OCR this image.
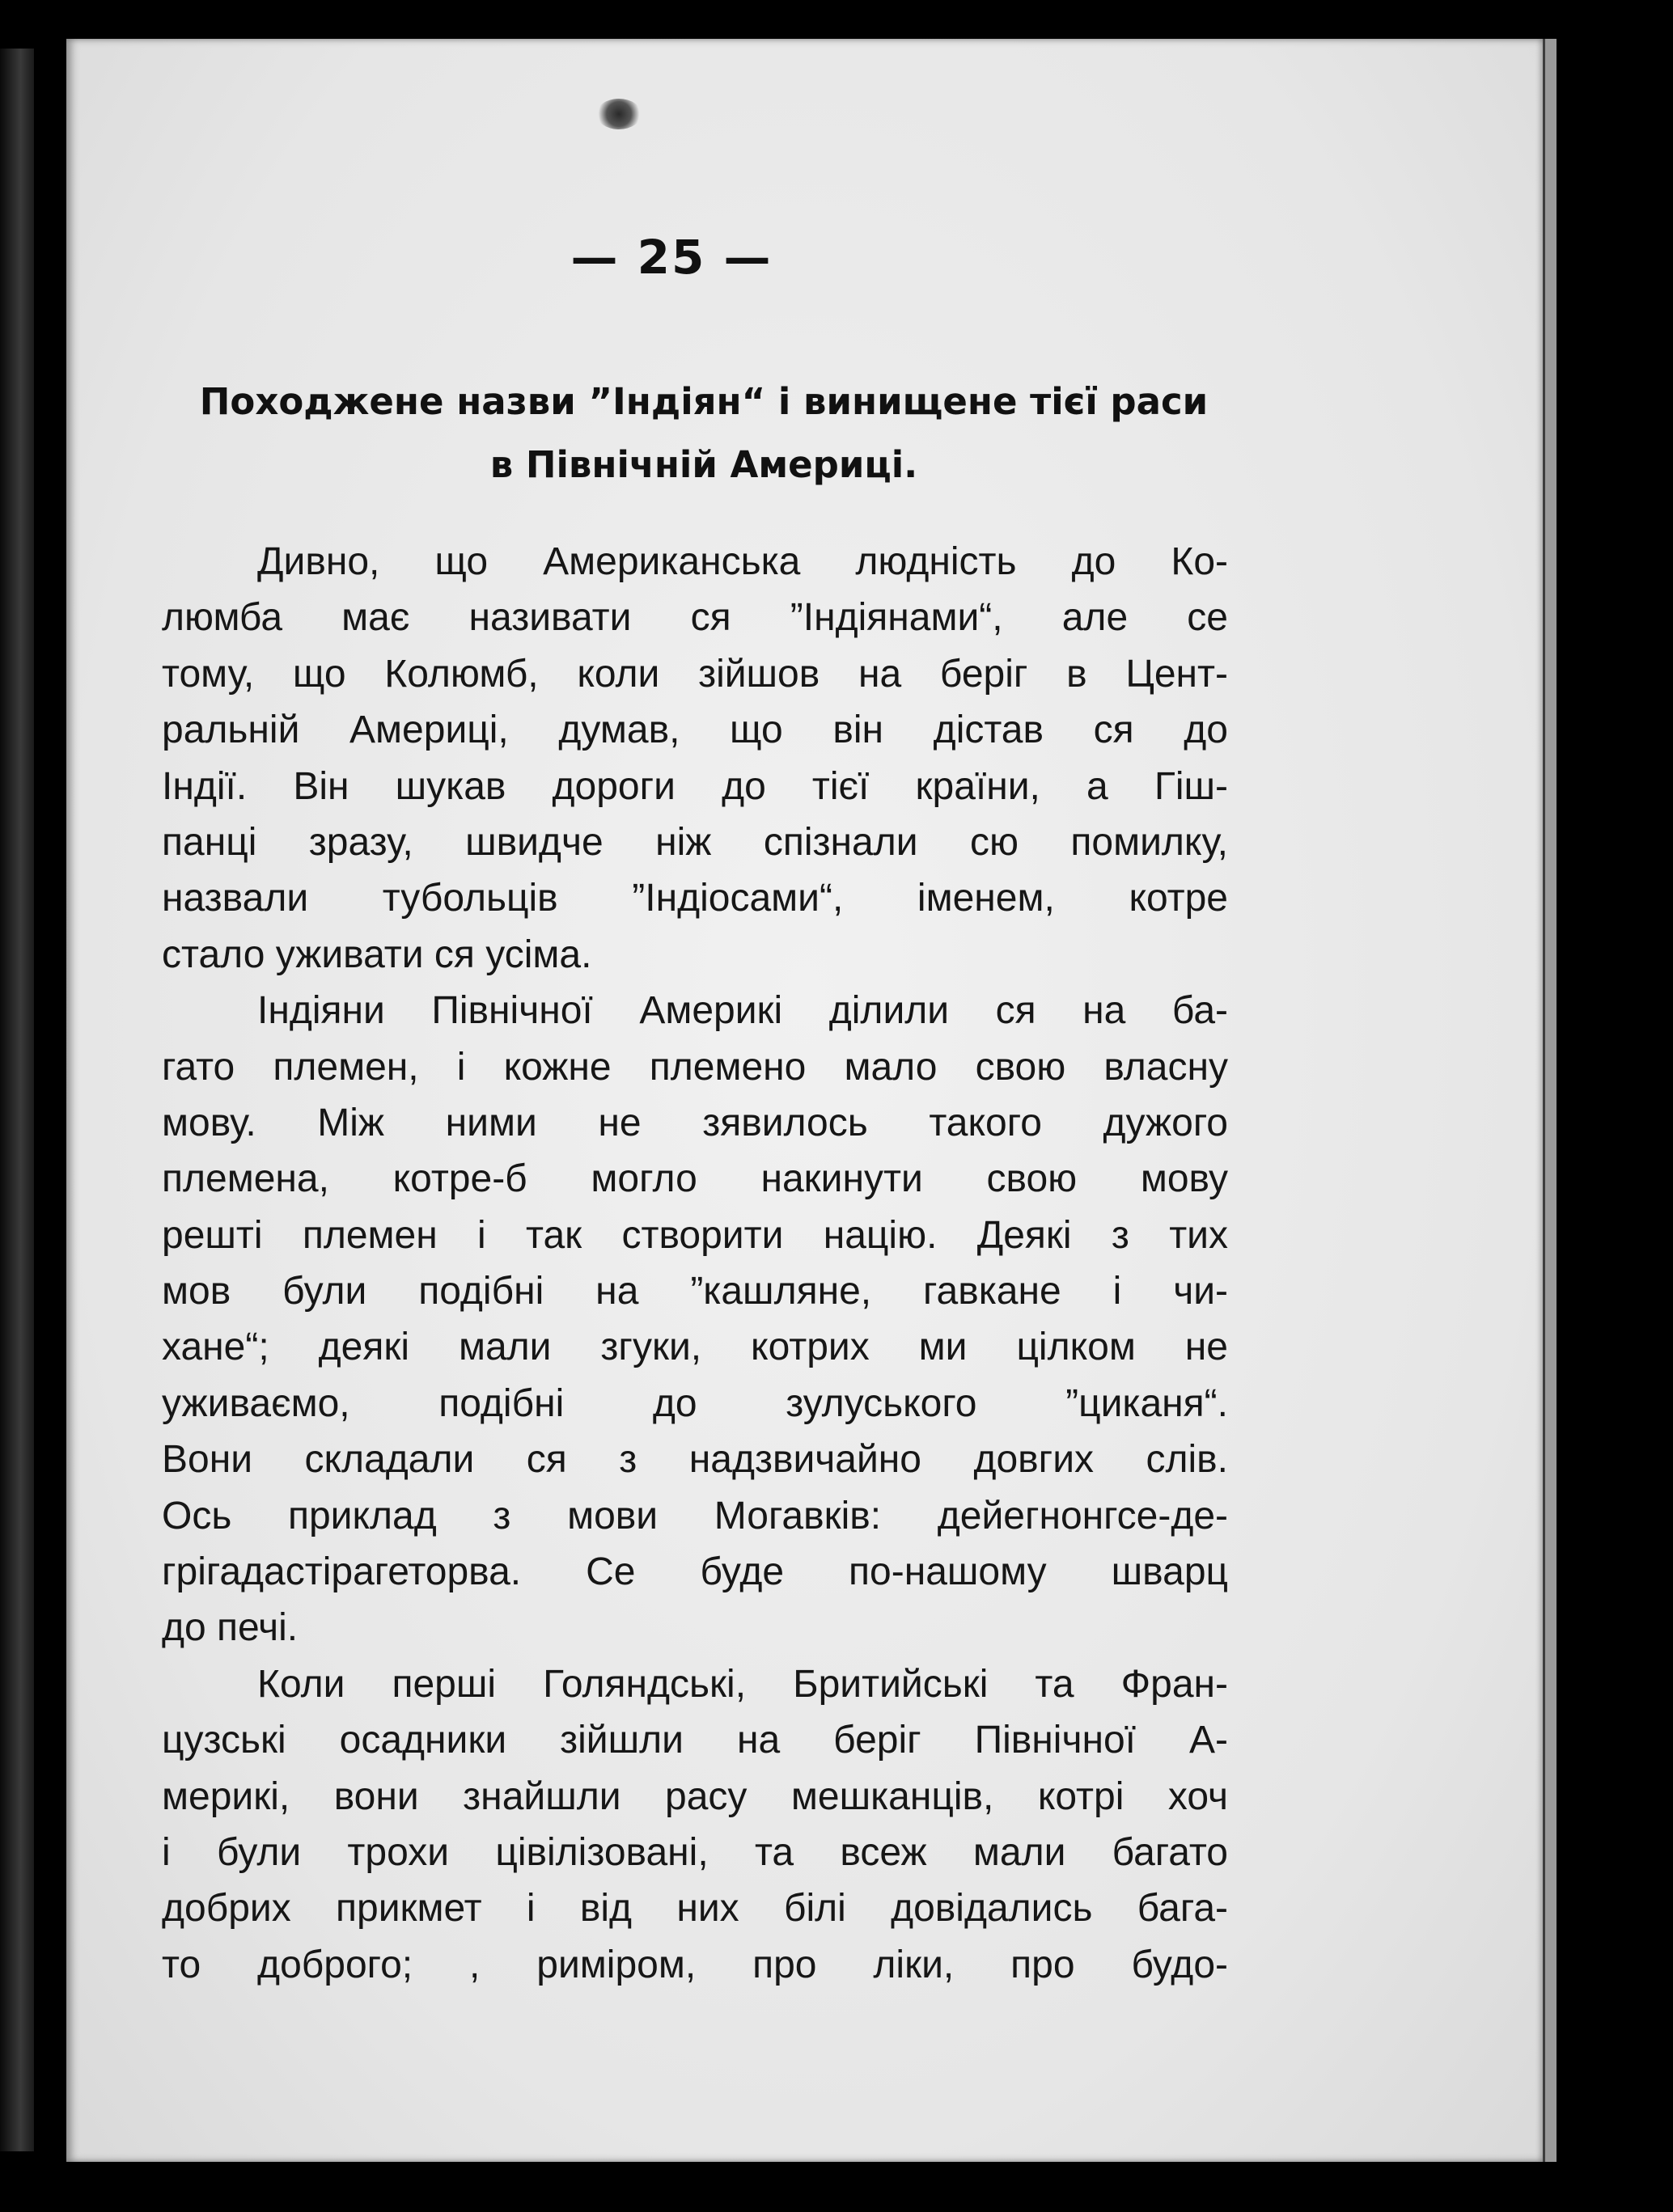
— 25 —
Походжене назви ”Індіян“ і винищене тієї раси
в Північній Америці.
Дивно, що Американська людність до Ко-
люмба має називати ся ”Індіянами“, але се
тому, що Колюмб, коли зійшов на беріг в Цент-
ральній Америці, думав, що він дістав ся до
Індії. Він шукав дороги до тієї країни, а Гіш-
панці зразу, швидче ніж спізнали сю помилку,
назвали тубольців ”Індіосами“, іменем, котре
стало уживати ся усіма.
Індіяни Північної Америкі ділили ся на ба-
гато племен, і кожне племено мало свою власну
мову. Між ними не зявилось такого дужого
племена, котре-б могло накинути свою мову
решті племен і так створити націю. Деякі з тих
мов були подібні на ”кашляне, гавкане і чи-
хане“; деякі мали згуки, котрих ми цілком не
уживаємо, подібні до зулуського ”циканя“.
Вони складали ся з надзвичайно довгих слів.
Ось приклад з мови Могавків: дейегнонгсе-де-
грігадастірагеторва. Се буде по-нашому шварц
до печі.
Коли перші Голяндські, Бритийські та Фран-
цузські осадники зійшли на беріг Північної А-
мерикі, вони знайшли расу мешканців, котрі хоч
і були трохи цівілізовані, та всеж мали багато
добрих прикмет і від них білі довідались бага-
то доброго; , риміром, про ліки, про будо-
